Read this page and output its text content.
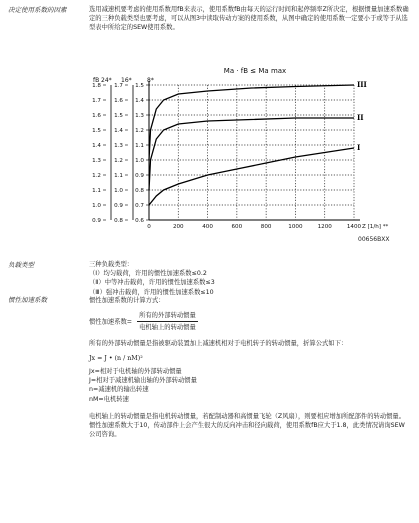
决定使用系数的因素	选用减速机要考虑的使用系数用fB来表示，使用系数fB由每天的运行时间和起停频率Z所决定，根据惯量加速系数确定的三种负载类型也要考虑，可以从图3中读取传动方案的使用系数，从图中确定的使用系数一定要小于或等于从选型表中所给定的SEW使用系数。
Ma · fB ≤ Ma max
fB 24* 16*	8*
1.8
1.7
1.6
1.5
1.4
1.3
1.2
1.1
1.0
0.9
1.7
1.6
1.5
1.4
1.3
1.2
1.1
1.0
0.9
0.8
1.5
1.4
1.3
1.2
1.1
1.0
0.9
0.8
0.7
0.6
0	200	400	600	800	1000	1200	1400 Z [1/h] **
III
II
I
00656BXX
负载类型	三种负载类型：

（Ⅰ）均匀载荷，许用的惯性加速系数≤0.2

（Ⅱ）中等冲击载荷，许用的惯性加速系数≤3

（Ⅲ）强冲击载荷，许用的惯性加速系数≤10

惯性加速系数	惯性加速系数的计算方式：

惯性加速系数= $\frac{\text{所有的外部转动惯量}}{\text{电机轴上的转动惯量}}$

所有的外部转动惯量是指被驱动装置加上减速机相对于电机转子的转动惯量，折算公式如下：

Jx = J • (n / nM)²

Jx=相对于电机轴的外部转动惯量

J=相对于减速机输出轴的外部转动惯量

n=减速机的输出转速

nM=电机转速

电机轴上的转动惯量是指电机转动惯量，若配制动器和高惯量飞轮（Z风扇），则要相应增加所配部件的转动惯量。

惯性加速系数大于10，传动部件上会产生很大的反向冲击和径向载荷，使用系数fB应大于1.8，此类情况请询SEW公司咨询。
